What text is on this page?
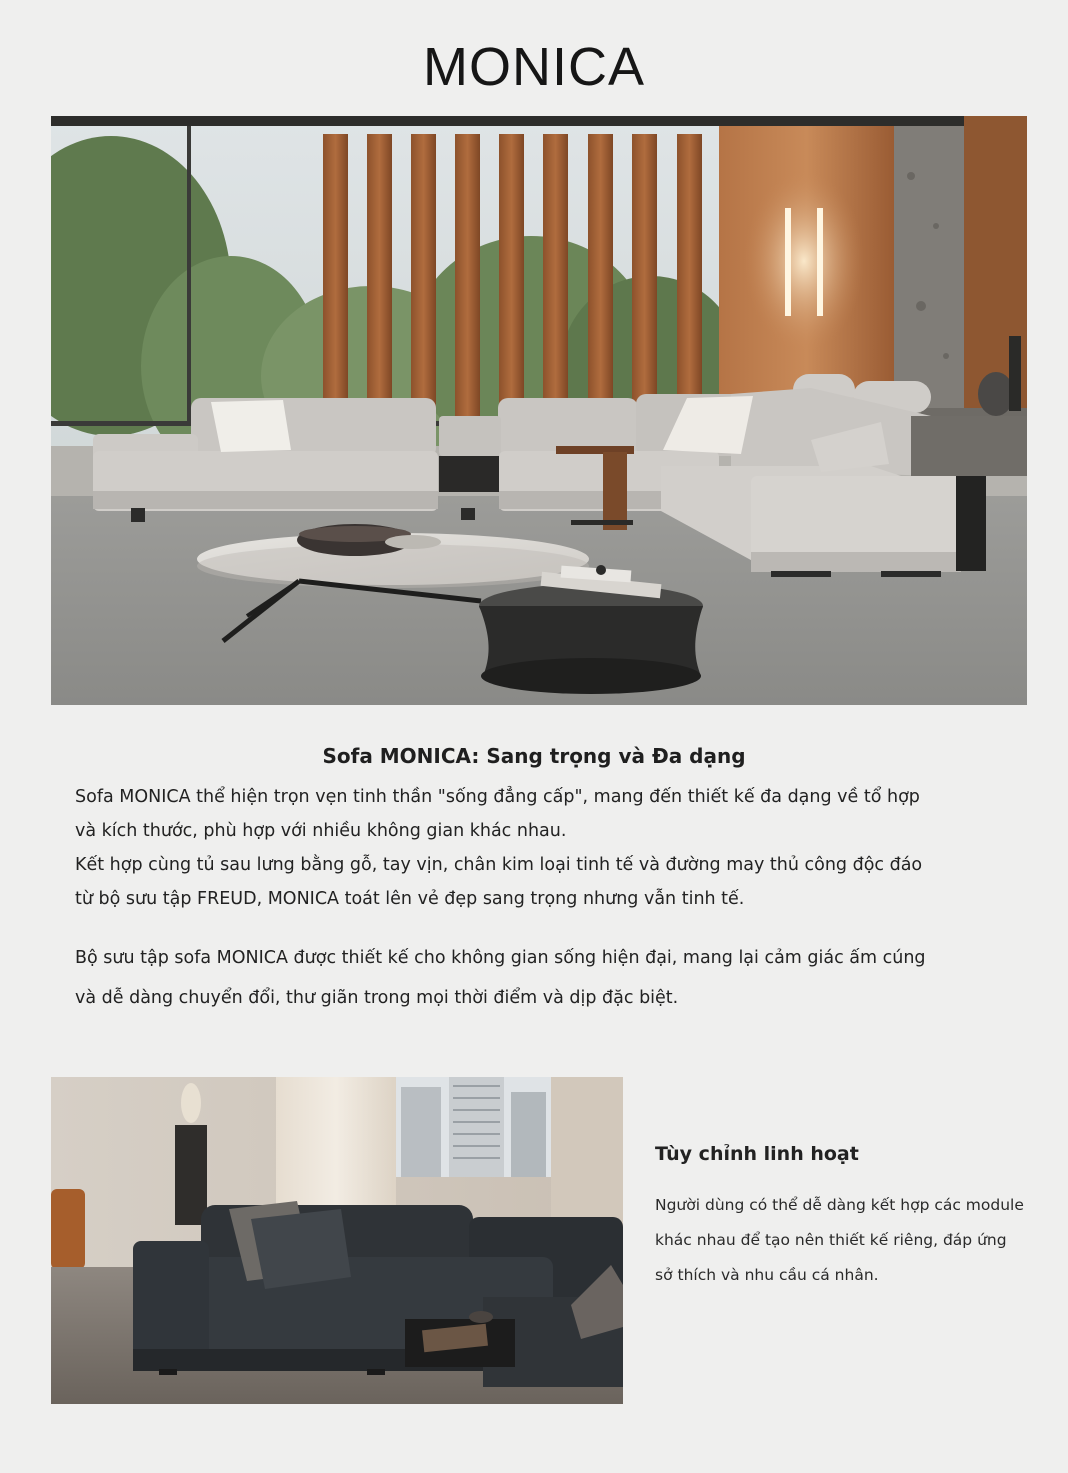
MONICA
Sofa MONICA: Sang trọng và Đa dạng

Sofa MONICA thể hiện trọn vẹn tinh thần "sống đẳng cấp", mang đến thiết kế đa dạng về tổ hợp
và kích thước, phù hợp với nhiều không gian khác nhau.
Kết hợp cùng tủ sau lưng bằng gỗ, tay vịn, chân kim loại tinh tế và đường may thủ công độc đáo
từ bộ sưu tập FREUD, MONICA toát lên vẻ đẹp sang trọng nhưng vẫn tinh tế.

Bộ sưu tập sofa MONICA được thiết kế cho không gian sống hiện đại, mang lại cảm giác ấm cúng
và dễ dàng chuyển đổi, thư giãn trong mọi thời điểm và dịp đặc biệt.

Tùy chỉnh linh hoạt

Người dùng có thể dễ dàng kết hợp các module
khác nhau để tạo nên thiết kế riêng, đáp ứng
sở thích và nhu cầu cá nhân.
